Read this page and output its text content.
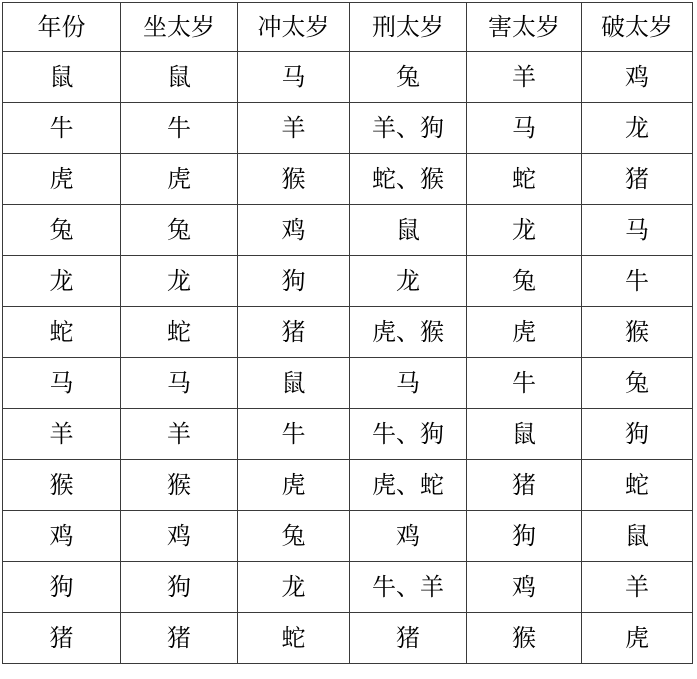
年份	坐太岁	冲太岁	刑太岁	害太岁	破太岁
鼠	鼠	马	兔	羊	鸡
牛	牛	羊	羊、狗	马	龙
虎	虎	猴	蛇、猴	蛇	猪
兔	兔	鸡	鼠	龙	马
龙	龙	狗	龙	兔	牛
蛇	蛇	猪	虎、猴	虎	猴
马	马	鼠	马	牛	兔
羊	羊	牛	牛、狗	鼠	狗
猴	猴	虎	虎、蛇	猪	蛇
鸡	鸡	兔	鸡	狗	鼠
狗	狗	龙	牛、羊	鸡	羊
猪	猪	蛇	猪	猴	虎
